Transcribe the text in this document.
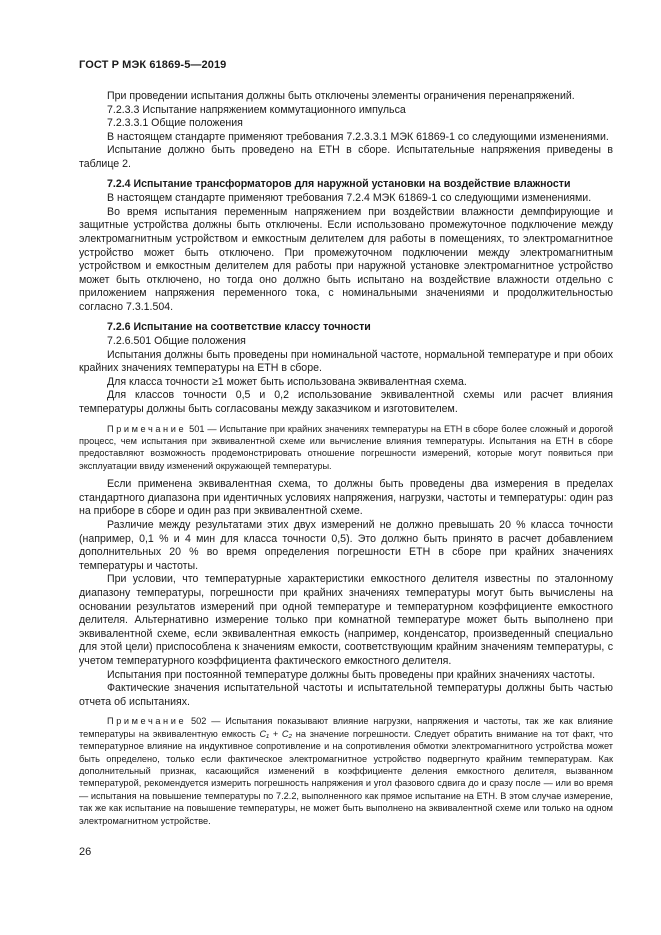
ГОСТ Р МЭК 61869-5—2019

При проведении испытания должны быть отключены элементы ограничения перенапряжений.

7.2.3.3 Испытание напряжением коммутационного импульса

7.2.3.3.1 Общие положения

В настоящем стандарте применяют требования 7.2.3.3.1 МЭК 61869-1 со следующими изменениями.

Испытание должно быть проведено на ЕТН в сборе. Испытательные напряжения приведены в таблице 2.

7.2.4 Испытание трансформаторов для наружной установки на воздействие влажности

В настоящем стандарте применяют требования 7.2.4 МЭК 61869-1 со следующими изменениями.

Во время испытания переменным напряжением при воздействии влажности демпфирующие и защитные устройства должны быть отключены. Если использовано промежуточное подключение между электромагнитным устройством и емкостным делителем для работы в помещениях, то электромагнитное устройство может быть отключено. При промежуточном подключении между электромагнитным устройством и емкостным делителем для работы при наружной установке электромагнитное устройство может быть отключено, но тогда оно должно быть испытано на воздействие влажности отдельно с приложением напряжения переменного тока, с номинальными значениями и продолжительностью согласно 7.3.1.504.

7.2.6 Испытание на соответствие классу точности

7.2.6.501 Общие положения

Испытания должны быть проведены при номинальной частоте, нормальной температуре и при обоих крайних значениях температуры на ЕТН в сборе.

Для класса точности ≥1 может быть использована эквивалентная схема.

Для классов точности 0,5 и 0,2 использование эквивалентной схемы или расчет влияния температуры должны быть согласованы между заказчиком и изготовителем.

Примечание 501 — Испытание при крайних значениях температуры на ЕТН в сборе более сложный и дорогой процесс, чем испытания при эквивалентной схеме или вычисление влияния температуры. Испытания на ЕТН в сборе предоставляют возможность продемонстрировать отношение погрешности измерений, которые могут появиться при эксплуатации ввиду изменений окружающей температуры.

Если применена эквивалентная схема, то должны быть проведены два измерения в пределах стандартного диапазона при идентичных условиях напряжения, нагрузки, частоты и температуры: один раз на приборе в сборе и один раз при эквивалентной схеме.

Различие между результатами этих двух измерений не должно превышать 20 % класса точности (например, 0,1 % и 4 мин для класса точности 0,5). Это должно быть принято в расчет добавлением дополнительных 20 % во время определения погрешности ЕТН в сборе при крайних значениях температуры и частоты.

При условии, что температурные характеристики емкостного делителя известны по эталонному диапазону температуры, погрешности при крайних значениях температуры могут быть вычислены на основании результатов измерений при одной температуре и температурном коэффициенте емкостного делителя. Альтернативно измерение только при комнатной температуре может быть выполнено при эквивалентной схеме, если эквивалентная емкость (например, конденсатор, произведенный специально для этой цели) приспособлена к значениям емкости, соответствующим крайним значениям температуры, с учетом температурного коэффициента фактического емкостного делителя.

Испытания при постоянной температуре должны быть проведены при крайних значениях частоты.

Фактические значения испытательной частоты и испытательной температуры должны быть частью отчета об испытаниях.

Примечание 502 — Испытания показывают влияние нагрузки, напряжения и частоты, так же как влияние температуры на эквивалентную емкость C₁ + C₂ на значение погрешности. Следует обратить внимание на тот факт, что температурное влияние на индуктивное сопротивление и на сопротивления обмотки электромагнитного устройства может быть определено, только если фактическое электромагнитное устройство подвергнуто крайним температурам. Как дополнительный признак, касающийся изменений в коэффициенте деления емкостного делителя, вызванном температурой, рекомендуется измерить погрешность напряжения и угол фазового сдвига до и сразу после — или во время — испытания на повышение температуры по 7.2.2, выполненного как прямое испытание на ЕТН. В этом случае измерение, так же как испытание на повышение температуры, не может быть выполнено на эквивалентной схеме или только на одном электромагнитном устройстве.

26
